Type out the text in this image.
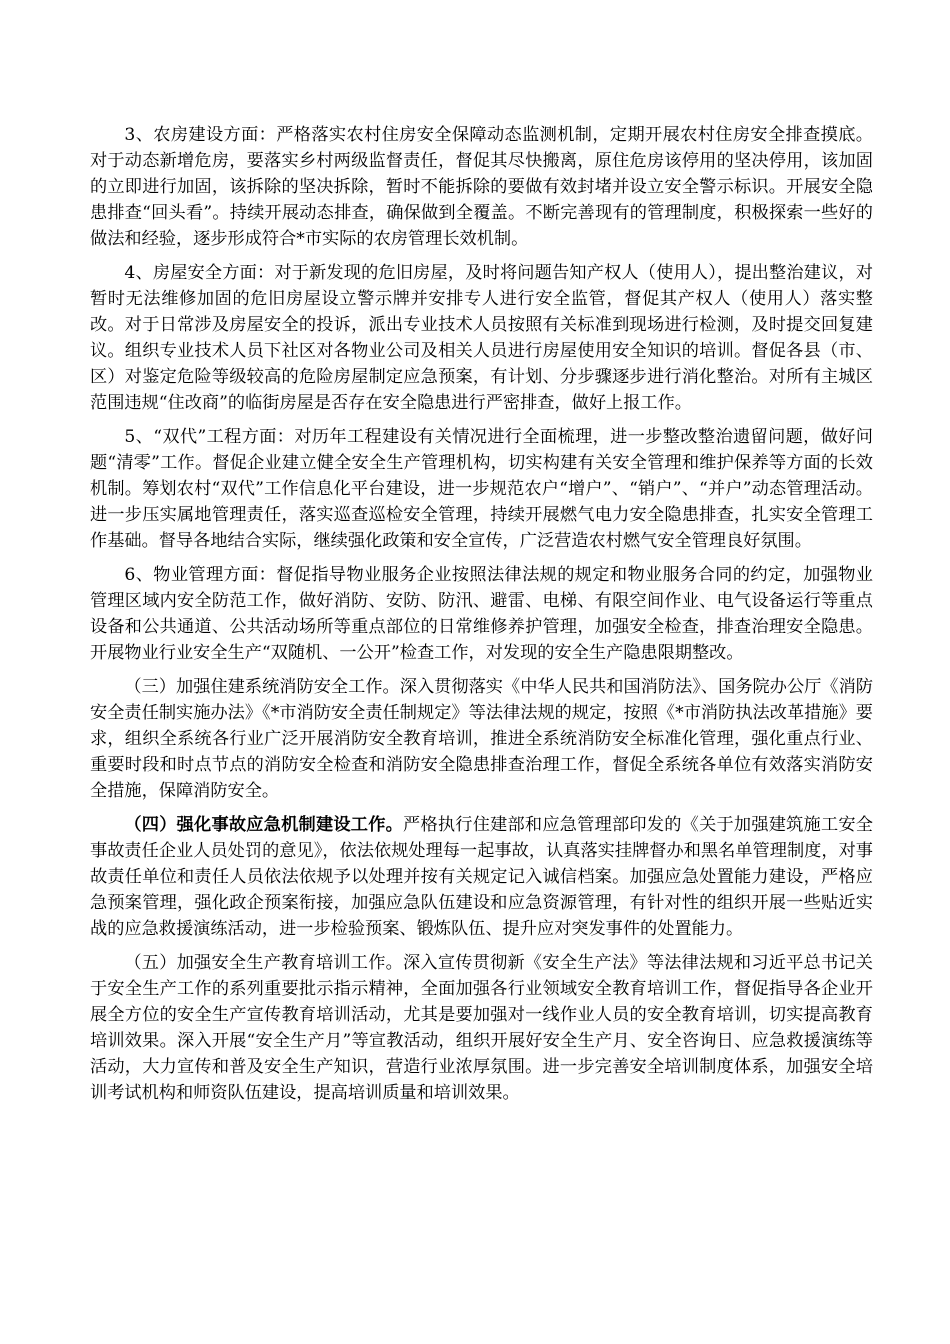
3、农房建设方面：严格落实农村住房安全保障动态监测机制，定期开展农村住房安全排查摸底。对于动态新增危房，要落实乡村两级监督责任，督促其尽快搬离，原住危房该停用的坚决停用，该加固的立即进行加固，该拆除的坚决拆除，暂时不能拆除的要做有效封堵并设立安全警示标识。开展安全隐患排查“回头看”。持续开展动态排查，确保做到全覆盖。不断完善现有的管理制度，积极探索一些好的做法和经验，逐步形成符合*市实际的农房管理长效机制。

4、房屋安全方面：对于新发现的危旧房屋，及时将问题告知产权人（使用人），提出整治建议，对暂时无法维修加固的危旧房屋设立警示牌并安排专人进行安全监管，督促其产权人（使用人）落实整改。对于日常涉及房屋安全的投诉，派出专业技术人员按照有关标准到现场进行检测，及时提交回复建议。组织专业技术人员下社区对各物业公司及相关人员进行房屋使用安全知识的培训。督促各县（市、区）对鉴定危险等级较高的危险房屋制定应急预案，有计划、分步骤逐步进行消化整治。对所有主城区范围违规“住改商”的临街房屋是否存在安全隐患进行严密排查，做好上报工作。

5、“双代”工程方面：对历年工程建设有关情况进行全面梳理，进一步整改整治遗留问题，做好问题“清零”工作。督促企业建立健全安全生产管理机构，切实构建有关安全管理和维护保养等方面的长效机制。筹划农村“双代”工作信息化平台建设，进一步规范农户“增户”、“销户”、“并户”动态管理活动。进一步压实属地管理责任，落实巡查巡检安全管理，持续开展燃气电力安全隐患排查，扎实安全管理工作基础。督导各地结合实际，继续强化政策和安全宣传，广泛营造农村燃气安全管理良好氛围。

6、物业管理方面：督促指导物业服务企业按照法律法规的规定和物业服务合同的约定，加强物业管理区域内安全防范工作，做好消防、安防、防汛、避雷、电梯、有限空间作业、电气设备运行等重点设备和公共通道、公共活动场所等重点部位的日常维修养护管理，加强安全检查，排查治理安全隐患。开展物业行业安全生产“双随机、一公开”检查工作，对发现的安全生产隐患限期整改。

（三）加强住建系统消防安全工作。深入贯彻落实《中华人民共和国消防法》、国务院办公厅《消防安全责任制实施办法》《*市消防安全责任制规定》等法律法规的规定，按照《*市消防执法改革措施》要求，组织全系统各行业广泛开展消防安全教育培训，推进全系统消防安全标准化管理，强化重点行业、重要时段和时点节点的消防安全检查和消防安全隐患排查治理工作，督促全系统各单位有效落实消防安全措施，保障消防安全。

（四）强化事故应急机制建设工作。严格执行住建部和应急管理部印发的《关于加强建筑施工安全事故责任企业人员处罚的意见》，依法依规处理每一起事故，认真落实挂牌督办和黑名单管理制度，对事故责任单位和责任人员依法依规予以处理并按有关规定记入诚信档案。加强应急处置能力建设，严格应急预案管理，强化政企预案衔接，加强应急队伍建设和应急资源管理，有针对性的组织开展一些贴近实战的应急救援演练活动，进一步检验预案、锻炼队伍、提升应对突发事件的处置能力。

（五）加强安全生产教育培训工作。深入宣传贯彻新《安全生产法》等法律法规和习近平总书记关于安全生产工作的系列重要批示指示精神，全面加强各行业领域安全教育培训工作，督促指导各企业开展全方位的安全生产宣传教育培训活动，尤其是要加强对一线作业人员的安全教育培训，切实提高教育培训效果。深入开展“安全生产月”等宣教活动，组织开展好安全生产月、安全咨询日、应急救援演练等活动，大力宣传和普及安全生产知识，营造行业浓厚氛围。进一步完善安全培训制度体系，加强安全培训考试机构和师资队伍建设，提高培训质量和培训效果。
